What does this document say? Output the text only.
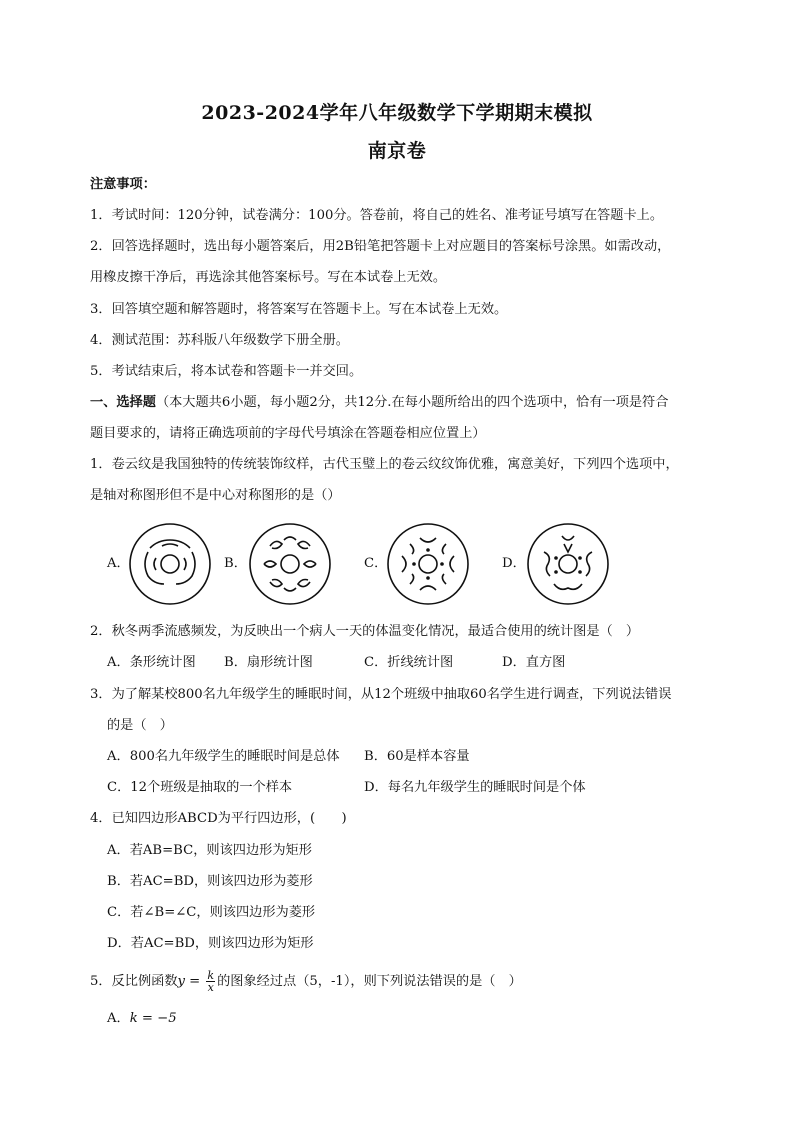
2023-2024学年八年级数学下学期期末模拟
南京卷
注意事项：
1．考试时间：120分钟，试卷满分：100分。答卷前，将自己的姓名、准考证号填写在答题卡上。
2．回答选择题时，选出每小题答案后，用2B铅笔把答题卡上对应题目的答案标号涂黑。如需改动，
用橡皮擦干净后，再选涂其他答案标号。写在本试卷上无效。
3．回答填空题和解答题时，将答案写在答题卡上。写在本试卷上无效。
4．测试范围：苏科版八年级数学下册全册。
5．考试结束后，将本试卷和答题卡一并交回。
一、选择题（本大题共6小题，每小题2分，共12分.在每小题所给出的四个选项中，恰有一项是符合
题目要求的，请将正确选项前的字母代号填涂在答题卷相应位置上）
1．卷云纹是我国独特的传统装饰纹样，古代玉璧上的卷云纹纹饰优雅，寓意美好，下列四个选项中，
是轴对称图形但不是中心对称图形的是（）
A．	B．	C．	D．
2．秋冬两季流感频发，为反映出一个病人一天的体温变化情况，最适合使用的统计图是（　）
A．条形统计图 B．扇形统计图	C．折线统计图	D．直方图
3．为了解某校800名九年级学生的睡眠时间，从12个班级中抽取60名学生进行调查，下列说法错误
的是（　）
A．800名九年级学生的睡眠时间是总体 B．60是样本容量
C．12个班级是抽取的一个样本	D．每名九年级学生的睡眠时间是个体
4．已知四边形ABCD为平行四边形，(　　)
A．若AB=BC，则该四边形为矩形
B．若AC=BD，则该四边形为菱形
C．若∠B=∠C，则该四边形为菱形
D．若AC=BD，则该四边形为矩形
5．反比例函数$y = \frac{k}{x}$ 的图象经过点（5，-1），则下列说法错误的是（　）
A．k = −5
